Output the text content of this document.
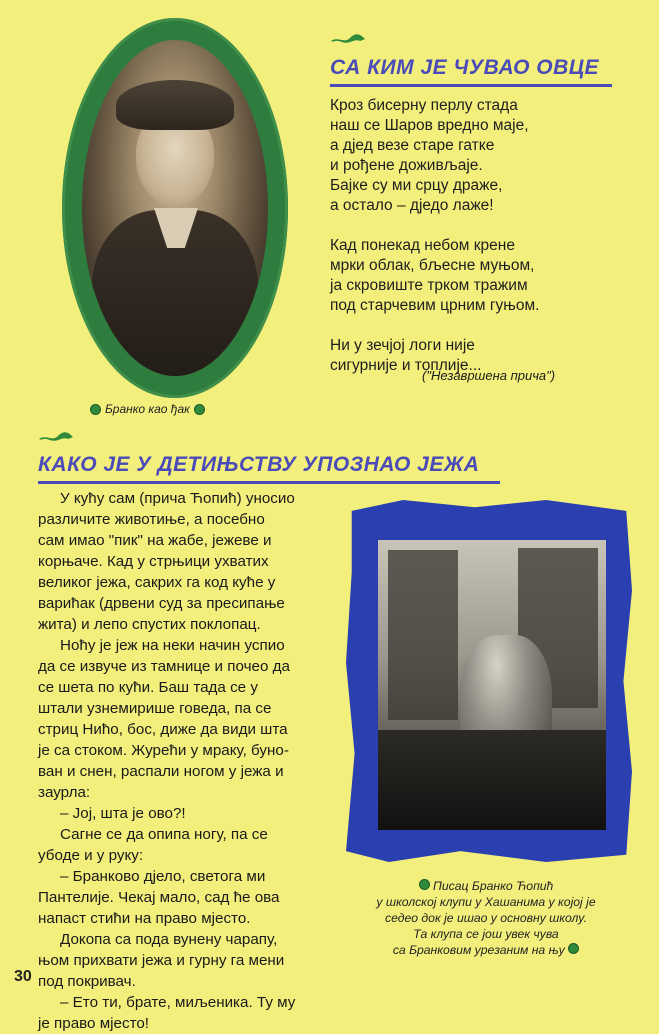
Бранко као ђак
СА КИМ ЈЕ ЧУВАО ОВЦЕ

Кроз бисерну перлу стада

наш се Шаров вредно маје,

а дјед везе старе гатке

и рођене доживљаје.

Бајке су ми срцу драже,

а остало – дједо лаже!

Кад понекад небом крене

мрки облак, бљесне муњом,

ја скровиште трком тражим

под старчевим црним гуњом.

Ни у зечјој логи није

сигурније и топлије...

("Незавршена прича")
КАКО ЈЕ У ДЕТИЊСТВУ УПОЗНАО ЈЕЖА

У кућу сам (прича Ћопић) уносио

различите животиње, а посебно

сам имао "пик" на жабе, јежеве и

корњаче. Кад у стрњици ухватих

великог јежа, сакрих га код куће у

варићак (дрвени суд за пресипање

жита) и лепо спустих поклопац.

Ноћу је јеж на неки начин успио

да се извуче из тамнице и почео да

се шета по кући. Баш тада се у

штали узнемирише говеда, па се

стриц Нићо, бос, диже да види шта

је са стоком. Журећи у мраку, буно-

ван и снен, распали ногом у јежа и

заурла:

– Јој, шта је ово?!

Сагне се да опипа ногу, па се

убоде и у руку:

– Бранково дјело, светога ми

Пантелије. Чекај мало, сад ће ова

напаст стићи на право мјесто.

Докопа са пода вунену чарапу,

њом прихвати јежа и гурну га мени

под покривач.

– Ето ти, брате, миљеника. Ту му

је право мјесто!

Писац Бранко Ћопић

у школској клупи у Хашанима у којој је

седео док је ишао у основну школу.

Та клупа се још увек чува

са Бранковим урезаним на њу

30
